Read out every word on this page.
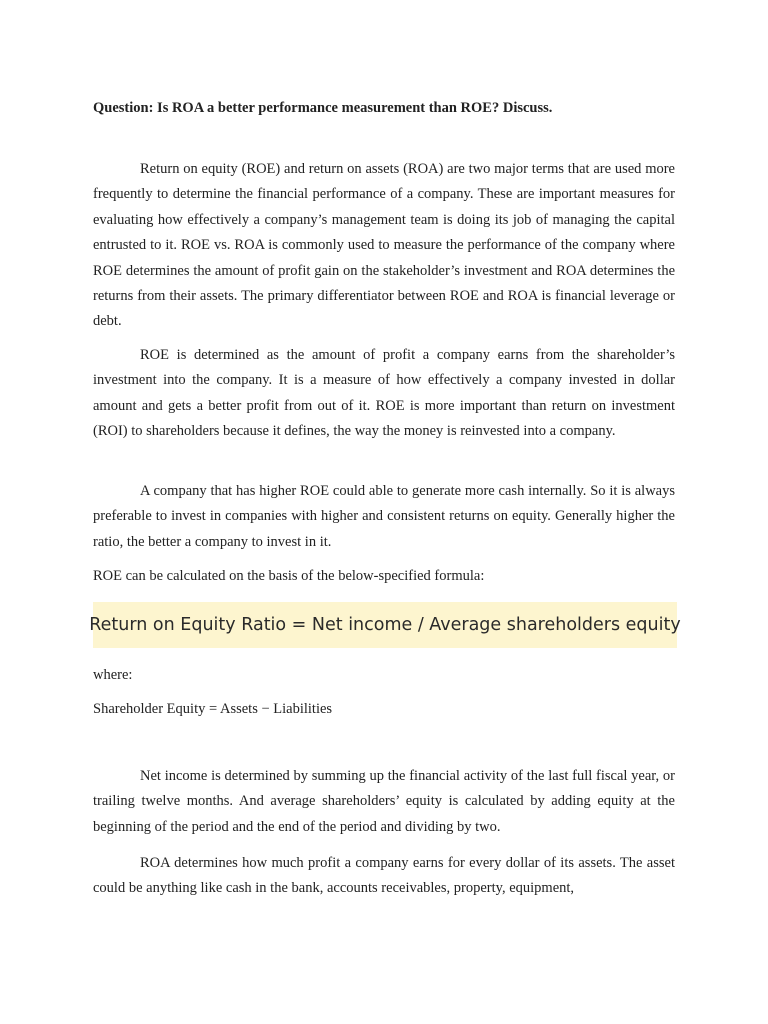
Question: Is ROA a better performance measurement than ROE? Discuss.

Return on equity (ROE) and return on assets (ROA) are two major terms that are used more frequently to determine the financial performance of a company. These are important measures for evaluating how effectively a company’s management team is doing its job of managing the capital entrusted to it. ROE vs. ROA is commonly used to measure the performance of the company where ROE determines the amount of profit gain on the stakeholder’s investment and ROA determines the returns from their assets. The primary differentiator between ROE and ROA is financial leverage or debt.

ROE is determined as the amount of profit a company earns from the shareholder’s investment into the company. It is a measure of how effectively a company invested in dollar amount and gets a better profit from out of it. ROE is more important than return on investment (ROI) to shareholders because it defines, the way the money is reinvested into a company.

A company that has higher ROE could able to generate more cash internally. So it is always preferable to invest in companies with higher and consistent returns on equity. Generally higher the ratio, the better a company to invest in it.

ROE can be calculated on the basis of the below-specified formula:

Return on Equity Ratio = Net income / Average shareholders equity

where:

Shareholder Equity = Assets − Liabilities

Net income is determined by summing up the financial activity of the last full fiscal year, or trailing twelve months. And average shareholders’ equity is calculated by adding equity at the beginning of the period and the end of the period and dividing by two.

ROA determines how much profit a company earns for every dollar of its assets. The asset could be anything like cash in the bank, accounts receivables, property, equipment,
